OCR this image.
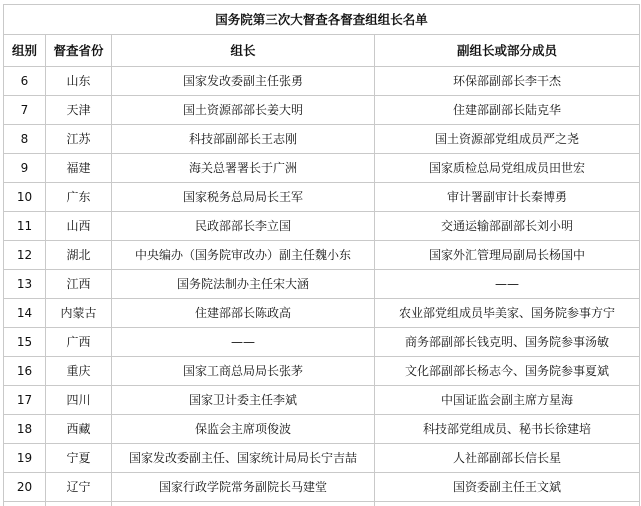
国务院第三次大督查各督查组组长名单			
组别	督查省份	组长	副组长或部分成员
6	山东	国家发改委副主任张勇	环保部副部长李干杰
7	天津	国土资源部部长姜大明	住建部副部长陆克华
8	江苏	科技部副部长王志刚	国土资源部党组成员严之尧
9	福建	海关总署署长于广洲	国家质检总局党组成员田世宏
10	广东	国家税务总局局长王军	审计署副审计长秦博勇
11	山西	民政部部长李立国	交通运输部副部长刘小明
12	湖北	中央编办（国务院审改办）副主任魏小东	国家外汇管理局副局长杨国中
13	江西	国务院法制办主任宋大涵	——
14	内蒙古	住建部部长陈政高	农业部党组成员毕美家、国务院参事方宁
15	广西	——	商务部副部长钱克明、国务院参事汤敏
16	重庆	国家工商总局局长张茅	文化部副部长杨志今、国务院参事夏斌
17	四川	国家卫计委主任李斌	中国证监会副主席方星海
18	西藏	保监会主席项俊波	科技部党组成员、秘书长徐建培
19	宁夏	国家发改委副主任、国家统计局局长宁吉喆	人社部副部长信长星
20	辽宁	国家行政学院常务副院长马建堂	国资委副主任王文斌
